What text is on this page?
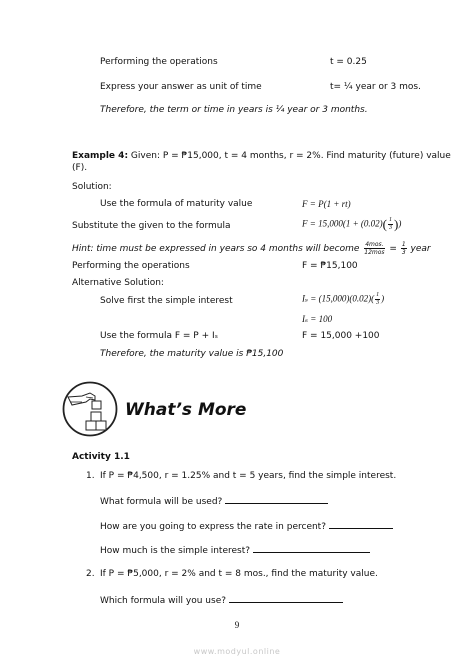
Performing the operations	t = 0.25
Express your answer as unit of time	t= ¼ year or 3 mos.
Therefore, the term or time in years is ¼ year or 3 months.
Example 4: Given: P = ₱15,000, t = 4 months, r = 2%. Find maturity (future) value
(F).
Solution:
Use the formula of maturity value	F = P(1 + rt)
Substitute the given to the formula	$F = 15,000(1 + (0.02)( \frac{1}{3}$ ))
Hint: time must be expressed in years so 4 months will become $\frac{\text{4mos.}}{\text{12mos}} = \frac{1}{3}$ year
Performing the operations	F = ₱15,100
Alternative Solution:
Solve first the simple interest	$I_s = (15,000)(0.02)( \frac{1}{3}$ )
Iₛ = 100
Use the formula F = P + Iₛ	F = 15,000 +100
Therefore, the maturity value is ₱15,100
What’s More
Activity 1.1
1. If P = ₱4,500, r = 1.25% and t = 5 years, find the simple interest.
What formula will be used?
How are you going to express the rate in percent?
How much is the simple interest?
2. If P = ₱5,000, r = 2% and t = 8 mos., find the maturity value.
Which formula will you use?
9
www.modyul.online
